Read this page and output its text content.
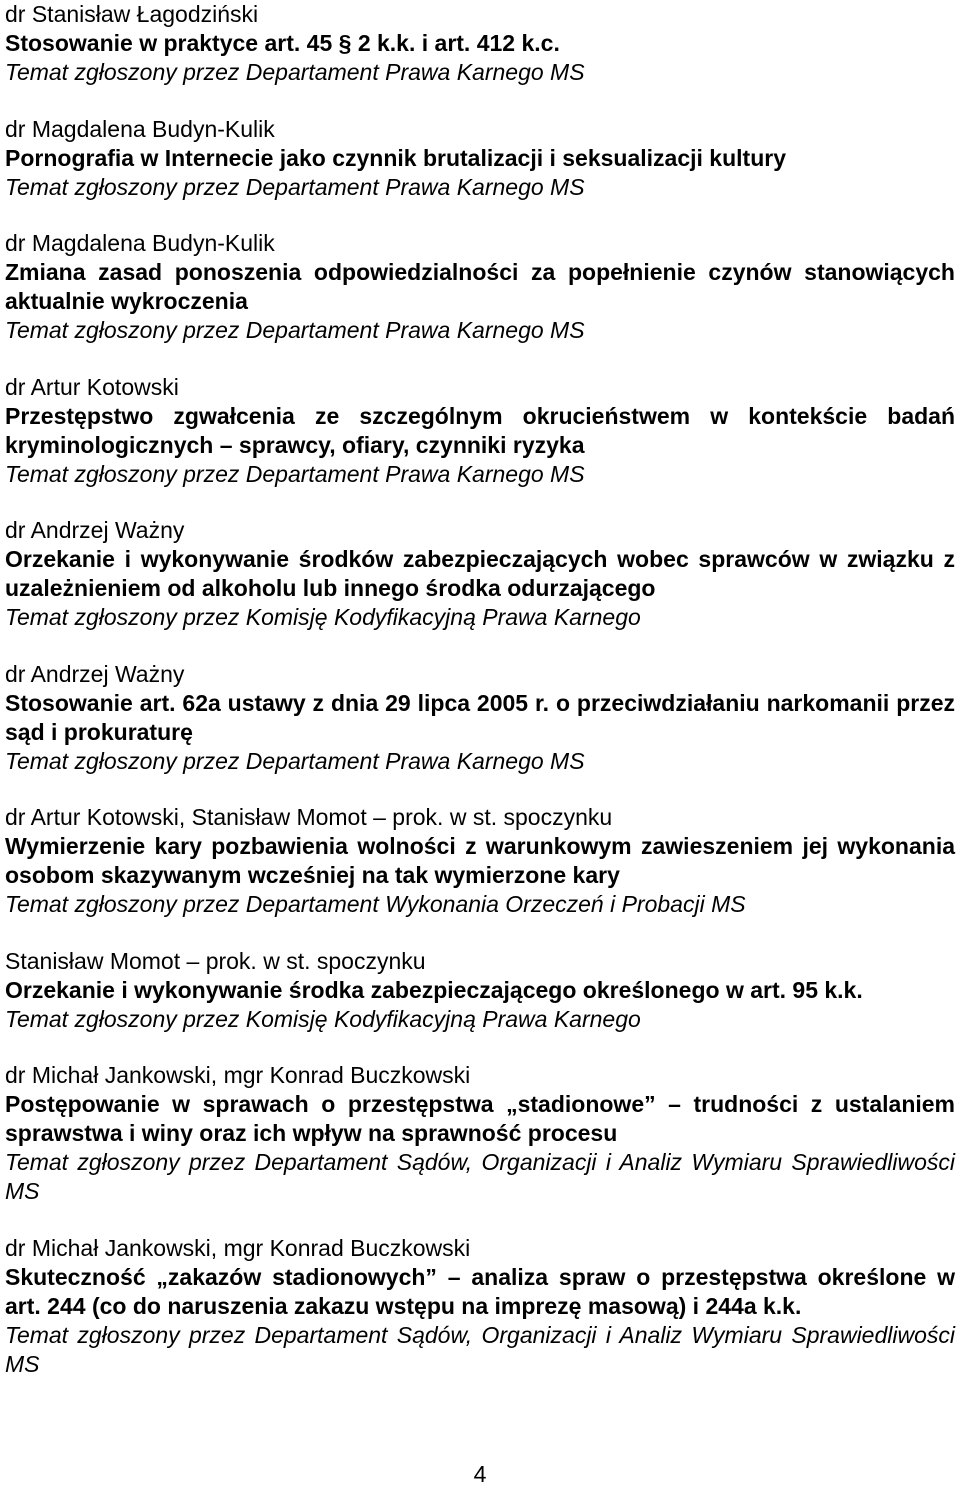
dr Stanisław Łagodziński
Stosowanie w praktyce art. 45 § 2 k.k. i art. 412 k.c.
Temat zgłoszony przez Departament Prawa Karnego MS
dr Magdalena Budyn-Kulik
Pornografia w Internecie jako czynnik brutalizacji i seksualizacji kultury
Temat zgłoszony przez Departament Prawa Karnego MS
dr Magdalena Budyn-Kulik
Zmiana zasad ponoszenia odpowiedzialności za popełnienie czynów stanowiących aktualnie wykroczenia
Temat zgłoszony przez Departament Prawa Karnego MS
dr Artur Kotowski
Przestępstwo zgwałcenia ze szczególnym okrucieństwem w kontekście badań kryminologicznych – sprawcy, ofiary, czynniki ryzyka
Temat zgłoszony przez Departament Prawa Karnego MS
dr Andrzej Ważny
Orzekanie i wykonywanie środków zabezpieczających wobec sprawców w związku z uzależnieniem od alkoholu lub innego środka odurzającego
Temat zgłoszony przez Komisję Kodyfikacyjną Prawa Karnego
dr Andrzej Ważny
Stosowanie art. 62a ustawy z dnia 29 lipca 2005 r. o przeciwdziałaniu narkomanii przez sąd i prokuraturę
Temat zgłoszony przez Departament Prawa Karnego MS
dr Artur Kotowski, Stanisław Momot – prok. w st. spoczynku
Wymierzenie kary pozbawienia wolności z warunkowym zawieszeniem jej wykonania osobom skazywanym wcześniej na tak wymierzone kary
Temat zgłoszony przez Departament Wykonania Orzeczeń i Probacji MS
Stanisław Momot – prok. w st. spoczynku
Orzekanie i wykonywanie środka zabezpieczającego określonego w art. 95 k.k.
Temat zgłoszony przez Komisję Kodyfikacyjną Prawa Karnego
dr Michał Jankowski, mgr Konrad Buczkowski
Postępowanie w sprawach o przestępstwa „stadionowe” – trudności z ustalaniem sprawstwa i winy oraz ich wpływ na sprawność procesu
Temat zgłoszony przez Departament Sądów, Organizacji i Analiz Wymiaru Sprawiedliwości MS
dr Michał Jankowski, mgr Konrad Buczkowski
Skuteczność „zakazów stadionowych” – analiza spraw o przestępstwa określone w art. 244 (co do naruszenia zakazu wstępu na imprezę masową) i 244a k.k.
Temat zgłoszony przez Departament Sądów, Organizacji i Analiz Wymiaru Sprawiedliwości MS
4
